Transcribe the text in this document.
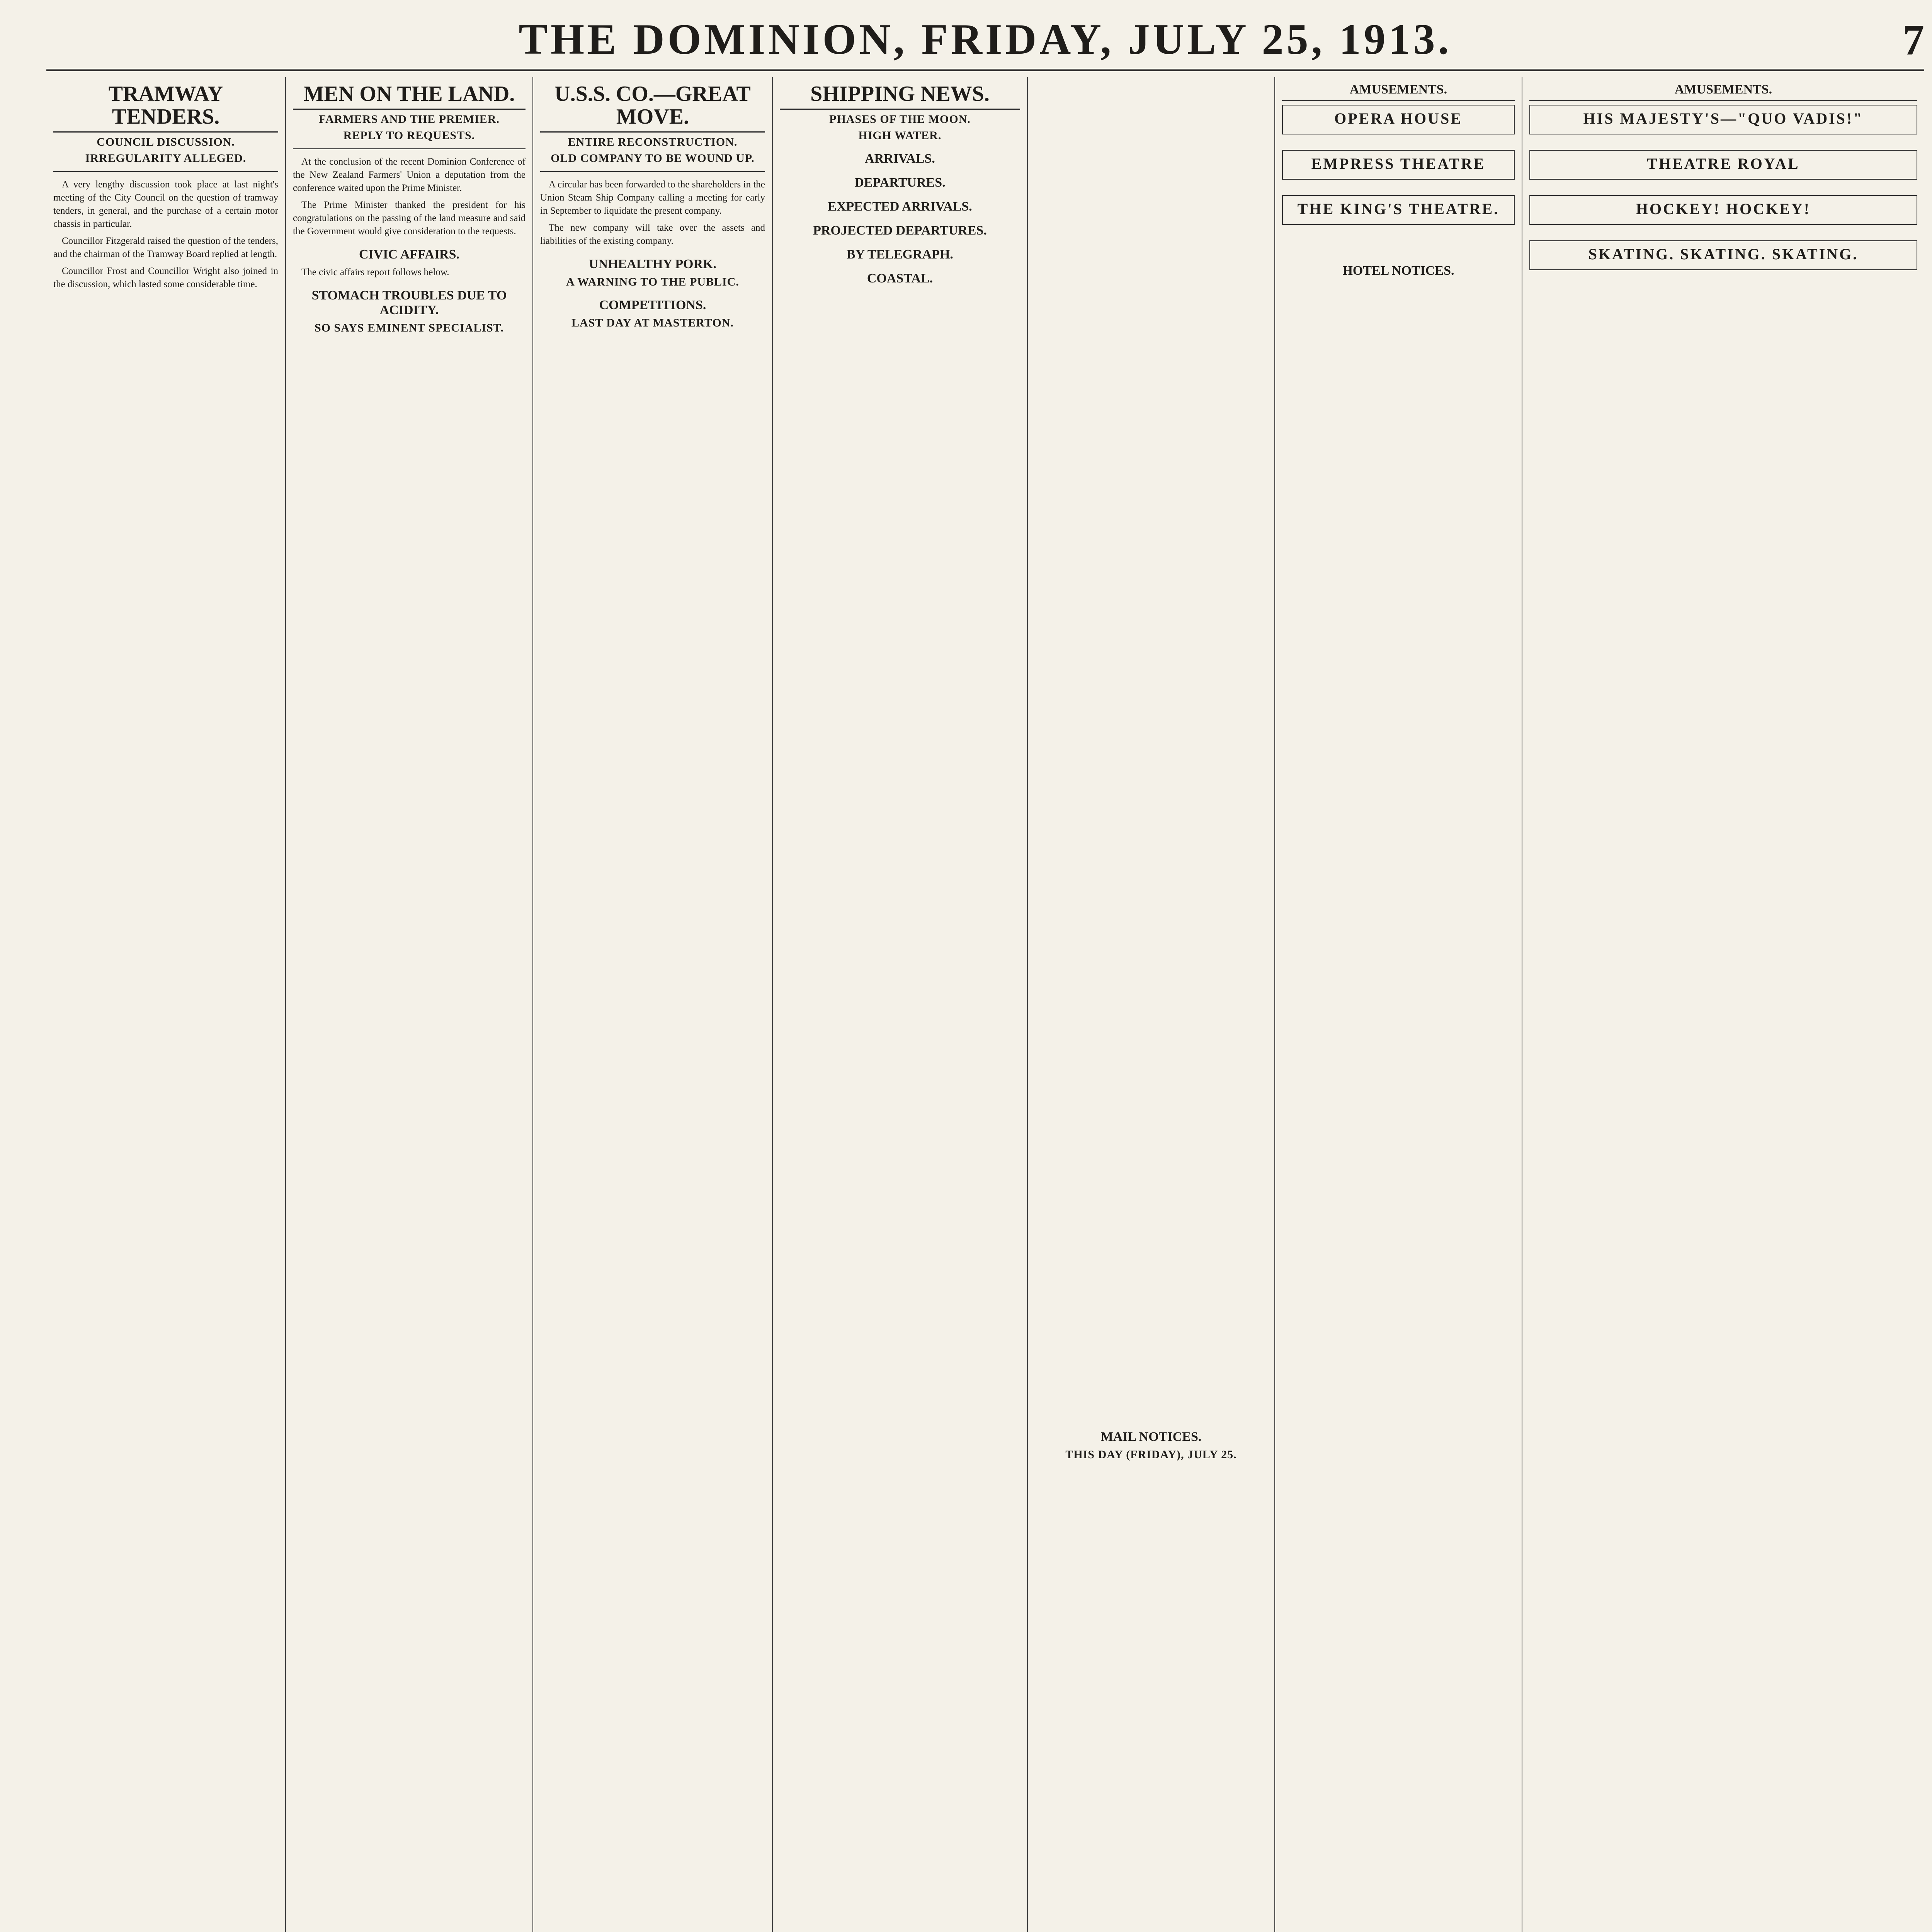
THE DOMINION, FRIDAY, JULY 25, 1913.	7
TRAMWAY TENDERS.
COUNCIL DISCUSSION.
IRREGULARITY ALLEGED.
A very lengthy discussion took place at last night's meeting of the City Council on the question of tramway tenders, in general, and the purchase of a certain motor chassis in particular.
Councillor Fitzgerald raised the question of the tenders, and the chairman of the Tramway Board replied at length.
Councillor Frost and Councillor Wright also joined in the discussion, which lasted some considerable time.
MEN ON THE LAND.
FARMERS AND THE PREMIER.
REPLY TO REQUESTS.
At the conclusion of the recent Dominion Conference of the New Zealand Farmers' Union a deputation from the conference waited upon the Prime Minister.
The Prime Minister thanked the president for his congratulations on the passing of the land measure and said the Government would give consideration to the requests.
CIVIC AFFAIRS.
The civic affairs report follows below.
STOMACH TROUBLES DUE TO ACIDITY.
SO SAYS EMINENT SPECIALIST.
U.S.S. CO.—GREAT MOVE.
ENTIRE RECONSTRUCTION.
OLD COMPANY TO BE WOUND UP.
A circular has been forwarded to the shareholders in the Union Steam Ship Company calling a meeting for early in September to liquidate the present company.
The new company will take over the assets and liabilities of the existing company.
UNHEALTHY PORK.
A WARNING TO THE PUBLIC.
COMPETITIONS.
LAST DAY AT MASTERTON.
SHIPPING NEWS.
PHASES OF THE MOON.
HIGH WATER.
ARRIVALS.
DEPARTURES.
EXPECTED ARRIVALS.
PROJECTED DEPARTURES.
BY TELEGRAPH.
COASTAL.
MAIL NOTICES.
THIS DAY (FRIDAY), JULY 25.
AMUSEMENTS.
OPERA HOUSE
EMPRESS THEATRE
THE KING'S THEATRE.
HOTEL NOTICES.
AMUSEMENTS.
HIS MAJESTY'S—"QUO VADIS!"
THEATRE ROYAL
HOCKEY! HOCKEY!
SKATING. SKATING. SKATING.
